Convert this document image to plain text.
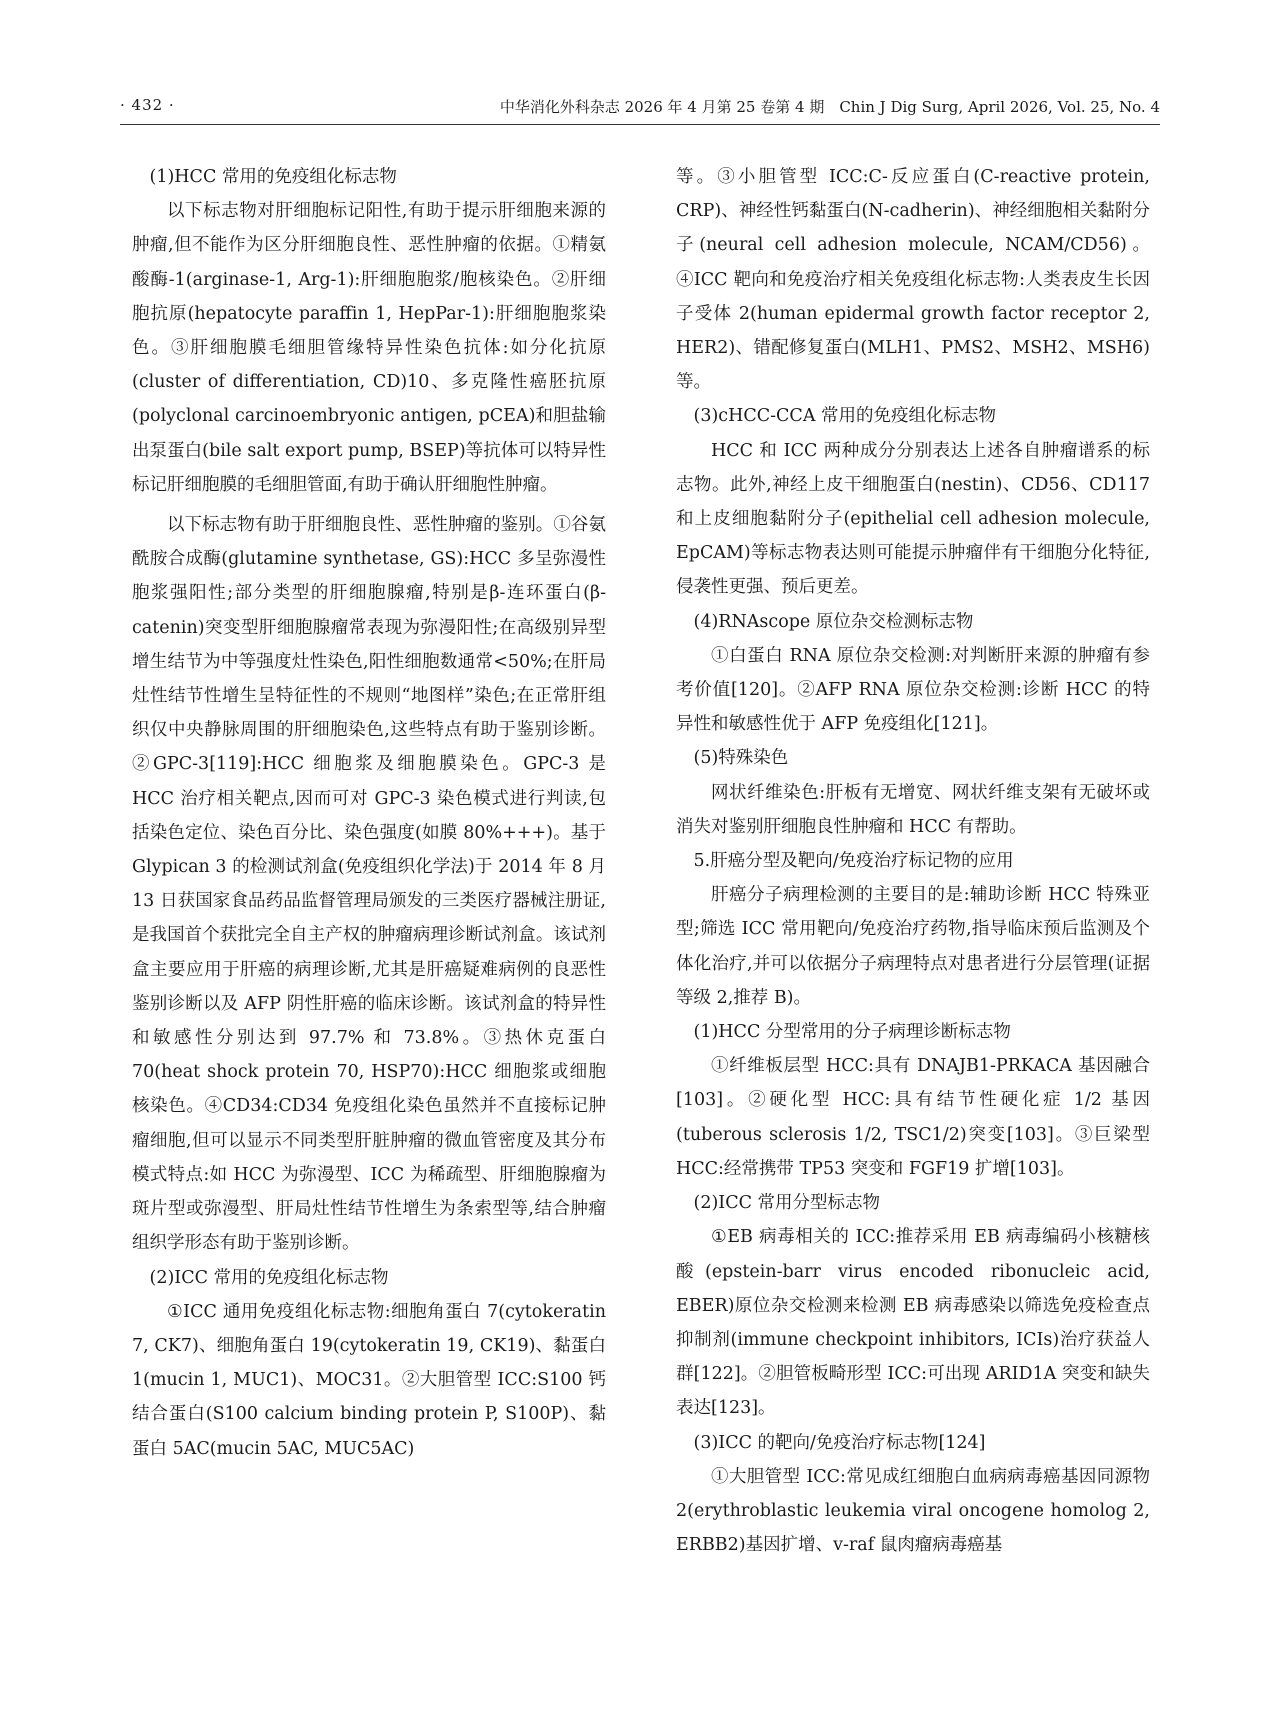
· 432 ·	中华消化外科杂志 2026 年 4 月第 25 卷第 4 期　Chin J Dig Surg, April 2026, Vol. 25, No. 4

(1)HCC 常用的免疫组化标志物

以下标志物对肝细胞标记阳性,有助于提示肝细胞来源的肿瘤,但不能作为区分肝细胞良性、恶性肿瘤的依据。①精氨酸酶-1(arginase-1, Arg-1):肝细胞胞浆/胞核染色。②肝细胞抗原(hepatocyte paraffin 1, HepPar-1):肝细胞胞浆染色。③肝细胞膜毛细胆管缘特异性染色抗体:如分化抗原(cluster of differentiation, CD)10、多克隆性癌胚抗原(polyclonal carcinoembryonic antigen, pCEA)和胆盐输出泵蛋白(bile salt export pump, BSEP)等抗体可以特异性标记肝细胞膜的毛细胆管面,有助于确认肝细胞性肿瘤。

以下标志物有助于肝细胞良性、恶性肿瘤的鉴别。①谷氨酰胺合成酶(glutamine synthetase, GS):HCC 多呈弥漫性胞浆强阳性;部分类型的肝细胞腺瘤,特别是β-连环蛋白(β-catenin)突变型肝细胞腺瘤常表现为弥漫阳性;在高级别异型增生结节为中等强度灶性染色,阳性细胞数通常<50%;在肝局灶性结节性增生呈特征性的不规则“地图样”染色;在正常肝组织仅中央静脉周围的肝细胞染色,这些特点有助于鉴别诊断。②GPC-3[119]:HCC 细胞浆及细胞膜染色。GPC-3 是 HCC 治疗相关靶点,因而可对 GPC-3 染色模式进行判读,包括染色定位、染色百分比、染色强度(如膜 80%+++)。基于 Glypican 3 的检测试剂盒(免疫组织化学法)于 2014 年 8 月 13 日获国家食品药品监督管理局颁发的三类医疗器械注册证,是我国首个获批完全自主产权的肿瘤病理诊断试剂盒。该试剂盒主要应用于肝癌的病理诊断,尤其是肝癌疑难病例的良恶性鉴别诊断以及 AFP 阴性肝癌的临床诊断。该试剂盒的特异性和敏感性分别达到 97.7% 和 73.8%。③热休克蛋白 70(heat shock protein 70, HSP70):HCC 细胞浆或细胞核染色。④CD34:CD34 免疫组化染色虽然并不直接标记肿瘤细胞,但可以显示不同类型肝脏肿瘤的微血管密度及其分布模式特点:如 HCC 为弥漫型、ICC 为稀疏型、肝细胞腺瘤为斑片型或弥漫型、肝局灶性结节性增生为条索型等,结合肿瘤组织学形态有助于鉴别诊断。

(2)ICC 常用的免疫组化标志物

①ICC 通用免疫组化标志物:细胞角蛋白 7(cytokeratin 7, CK7)、细胞角蛋白 19(cytokeratin 19, CK19)、黏蛋白 1(mucin 1, MUC1)、MOC31。②大胆管型 ICC:S100 钙结合蛋白(S100 calcium binding protein P, S100P)、黏蛋白 5AC(mucin 5AC, MUC5AC)

等。③小胆管型 ICC:C-反应蛋白(C-reactive protein, CRP)、神经性钙黏蛋白(N-cadherin)、神经细胞相关黏附分子(neural cell adhesion molecule, NCAM/CD56)。④ICC 靶向和免疫治疗相关免疫组化标志物:人类表皮生长因子受体 2(human epidermal growth factor receptor 2, HER2)、错配修复蛋白(MLH1、PMS2、MSH2、MSH6)等。

(3)cHCC-CCA 常用的免疫组化标志物

HCC 和 ICC 两种成分分别表达上述各自肿瘤谱系的标志物。此外,神经上皮干细胞蛋白(nestin)、CD56、CD117 和上皮细胞黏附分子(epithelial cell adhesion molecule, EpCAM)等标志物表达则可能提示肿瘤伴有干细胞分化特征,侵袭性更强、预后更差。

(4)RNAscope 原位杂交检测标志物

①白蛋白 RNA 原位杂交检测:对判断肝来源的肿瘤有参考价值[120]。②AFP RNA 原位杂交检测:诊断 HCC 的特异性和敏感性优于 AFP 免疫组化[121]。

(5)特殊染色

网状纤维染色:肝板有无增宽、网状纤维支架有无破坏或消失对鉴别肝细胞良性肿瘤和 HCC 有帮助。

5.肝癌分型及靶向/免疫治疗标记物的应用

肝癌分子病理检测的主要目的是:辅助诊断 HCC 特殊亚型;筛选 ICC 常用靶向/免疫治疗药物,指导临床预后监测及个体化治疗,并可以依据分子病理特点对患者进行分层管理(证据等级 2,推荐 B)。

(1)HCC 分型常用的分子病理诊断标志物

①纤维板层型 HCC:具有 DNAJB1-PRKACA 基因融合[103]。②硬化型 HCC:具有结节性硬化症 1/2 基因(tuberous sclerosis 1/2, TSC1/2)突变[103]。③巨梁型 HCC:经常携带 TP53 突变和 FGF19 扩增[103]。

(2)ICC 常用分型标志物

①EB 病毒相关的 ICC:推荐采用 EB 病毒编码小核糖核酸(epstein-barr virus encoded ribonucleic acid, EBER)原位杂交检测来检测 EB 病毒感染以筛选免疫检查点抑制剂(immune checkpoint inhibitors, ICIs)治疗获益人群[122]。②胆管板畸形型 ICC:可出现 ARID1A 突变和缺失表达[123]。

(3)ICC 的靶向/免疫治疗标志物[124]

①大胆管型 ICC:常见成红细胞白血病病毒癌基因同源物 2(erythroblastic leukemia viral oncogene homolog 2, ERBB2)基因扩增、v-raf 鼠肉瘤病毒癌基
